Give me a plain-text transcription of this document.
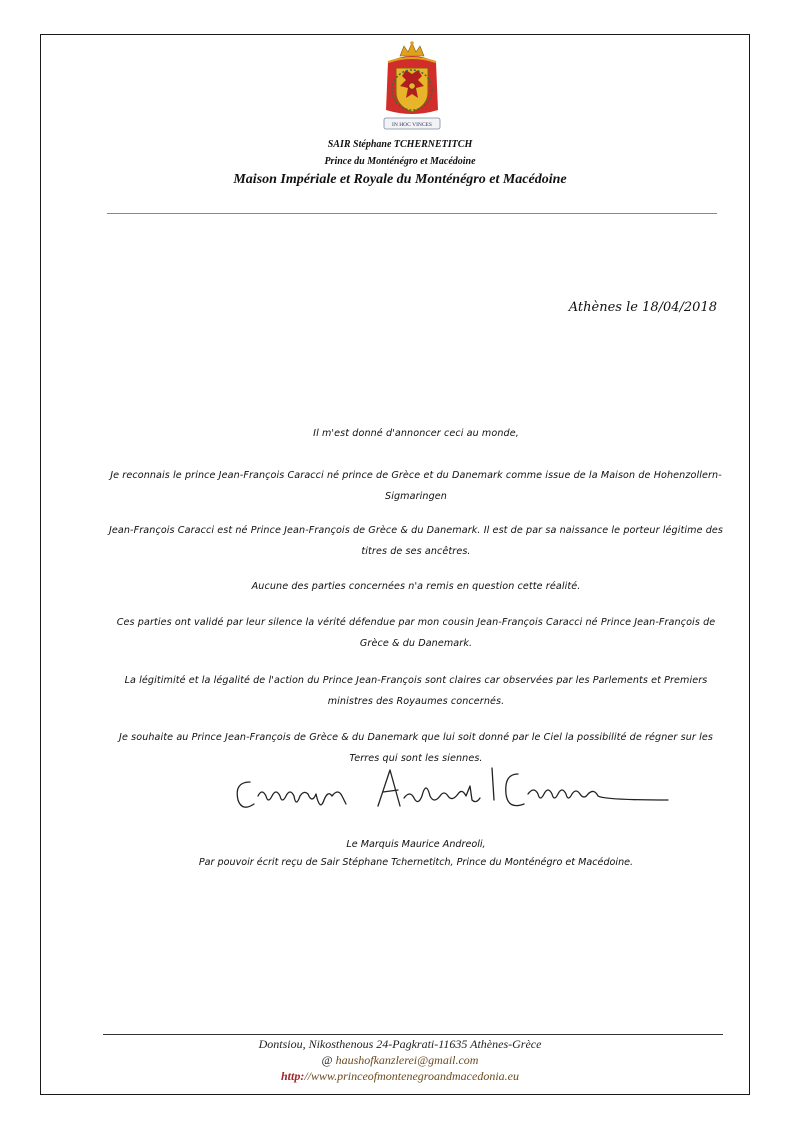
IN HOC VINCES
SAIR Stéphane TCHERNETITCH
Prince du Monténégro et Macédoine
Maison Impériale et Royale du Monténégro et Macédoine
Athènes le 18/04/2018
Il m'est donné d'annoncer ceci au monde,
Je reconnais le prince Jean-François Caracci né prince de Grèce et du Danemark comme issue de la Maison de Hohenzollern-Sigmaringen
Jean-François Caracci est né Prince Jean-François de Grèce & du Danemark. Il est de par sa naissance le porteur légitime des titres de ses ancêtres.
Aucune des parties concernées n'a remis en question cette réalité.
Ces parties ont validé par leur silence la vérité défendue par mon cousin Jean-François Caracci né Prince Jean-François de Grèce & du Danemark.
La légitimité et la légalité de l'action du Prince Jean-François sont claires car observées par les Parlements et Premiers ministres des Royaumes concernés.
Je souhaite au Prince Jean-François de Grèce & du Danemark que lui soit donné par le Ciel la possibilité de régner sur les Terres qui sont les siennes.
Le Marquis Maurice Andreoli,
Par pouvoir écrit reçu de Sair Stéphane Tchernetitch, Prince du Monténégro et Macédoine.
Dontsiou, Nikosthenous 24-Pagkrati-11635 Athènes-Grèce
@ haushofkanzlerei@gmail.com
http://www.princeofmontenegroandmacedonia.eu
